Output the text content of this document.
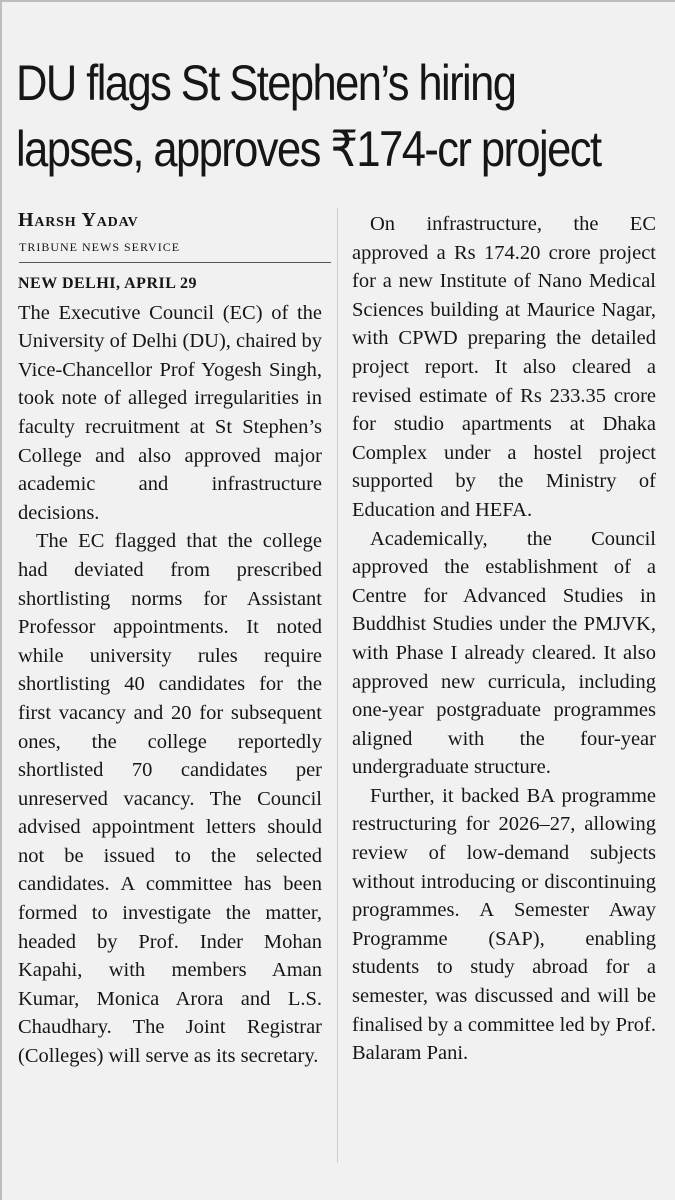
DU flags St Stephen’s hiring
lapses, approves ₹174-cr project
Harsh Yadav
TRIBUNE NEWS SERVICE
NEW DELHI, APRIL 29

The Executive Council (EC) of the University of Delhi (DU), chaired by Vice-Chancellor Prof Yogesh Singh, took note of alleged irregularities in faculty recruitment at St Stephen’s College and also approved major academic and infrastructure decisions.

The EC flagged that the college had deviated from prescribed shortlisting norms for Assistant Professor appointments. It noted while university rules require shortlisting 40 candidates for the first vacancy and 20 for subsequent ones, the college reportedly shortlisted 70 candidates per unreserved vacancy. The Council advised appointment letters should not be issued to the selected candidates. A committee has been formed to investigate the matter, headed by Prof. Inder Mohan Kapahi, with members Aman Kumar, Monica Arora and L.S. Chaudhary. The Joint Registrar (Colleges) will serve as its secretary.

On infrastructure, the EC approved a Rs 174.20 crore project for a new Institute of Nano Medical Sciences building at Maurice Nagar, with CPWD preparing the detailed project report. It also cleared a revised estimate of Rs 233.35 crore for studio apartments at Dhaka Complex under a hostel project supported by the Ministry of Education and HEFA.

Academically, the Council approved the establishment of a Centre for Advanced Studies in Buddhist Studies under the PMJVK, with Phase I already cleared. It also approved new curricula, including one-year postgraduate programmes aligned with the four-year undergraduate structure.

Further, it backed BA programme restructuring for 2026–27, allowing review of low-demand subjects without introducing or discontinuing programmes. A Semester Away Programme (SAP), enabling students to study abroad for a semester, was discussed and will be finalised by a committee led by Prof. Balaram Pani.
